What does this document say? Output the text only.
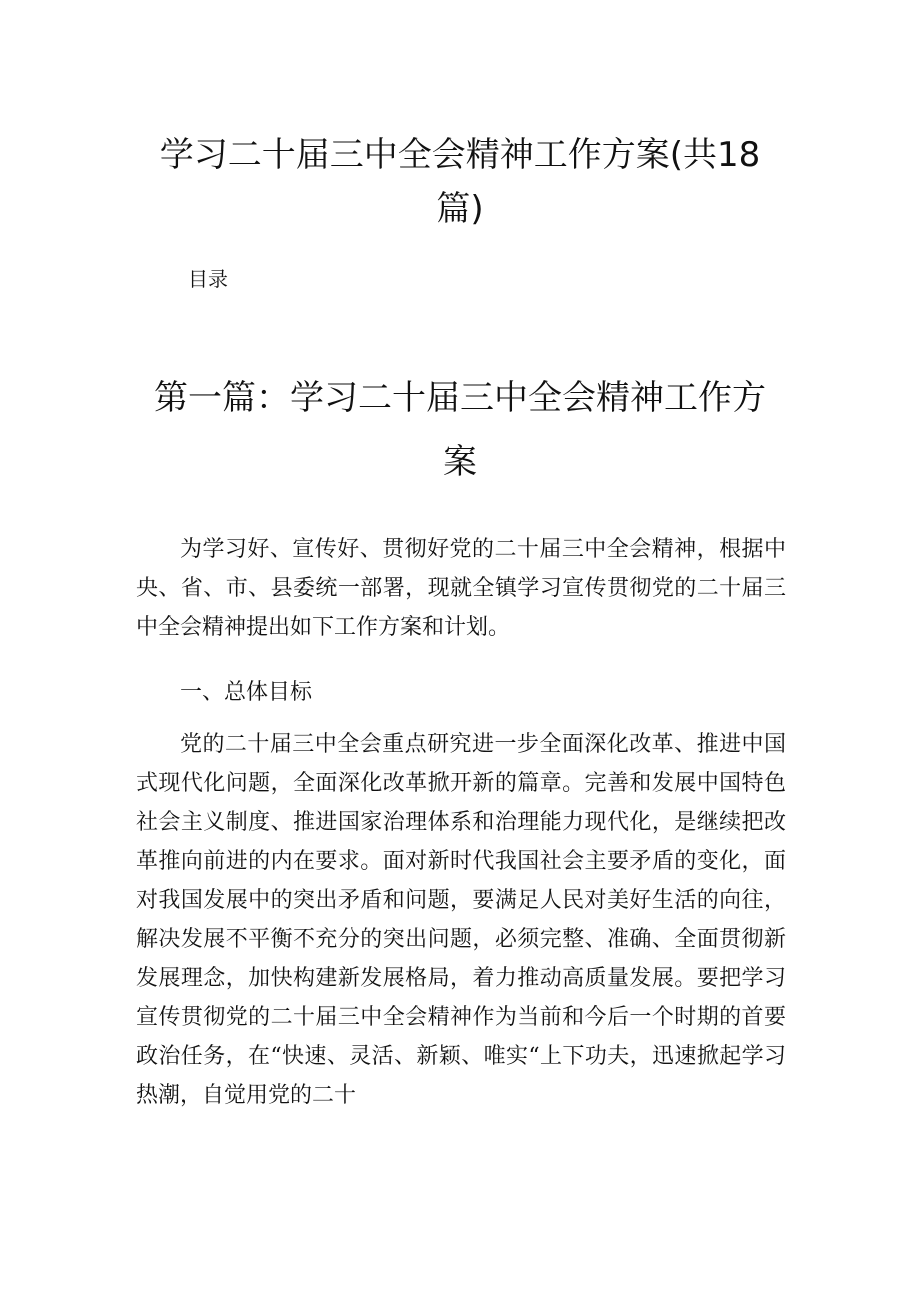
学习二十届三中全会精神工作方案(共18
篇)

目录

第一篇：学习二十届三中全会精神工作方案

为学习好、宣传好、贯彻好党的二十届三中全会精神，根据中央、省、市、县委统一部署，现就全镇学习宣传贯彻党的二十届三中全会精神提出如下工作方案和计划。

一、总体目标

党的二十届三中全会重点研究进一步全面深化改革、推进中国式现代化问题，全面深化改革掀开新的篇章。完善和发展中国特色社会主义制度、推进国家治理体系和治理能力现代化，是继续把改革推向前进的内在要求。面对新时代我国社会主要矛盾的变化，面对我国发展中的突出矛盾和问题，要满足人民对美好生活的向往，解决发展不平衡不充分的突出问题，必须完整、准确、全面贯彻新发展理念，加快构建新发展格局，着力推动高质量发展。要把学习宣传贯彻党的二十届三中全会精神作为当前和今后一个时期的首要政治任务，在“快速、灵活、新颖、唯实“上下功夫，迅速掀起学习热潮，自觉用党的二十
